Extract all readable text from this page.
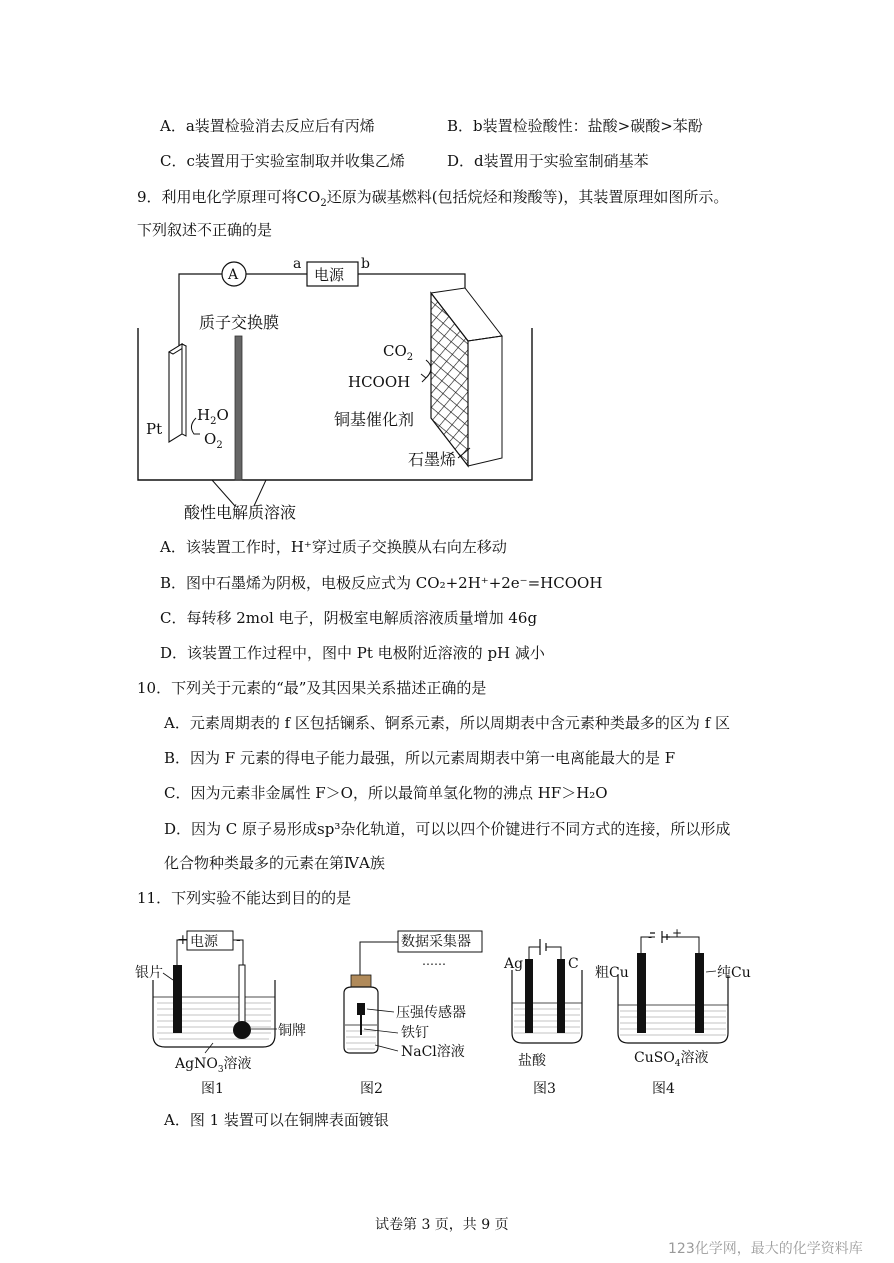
A．a装置检验消去反应后有丙烯	B．b装置检验酸性：盐酸>碳酸>苯酚
C．c装置用于实验室制取并收集乙烯	D．d装置用于实验室制硝基苯
9．利用电化学原理可将$CO_2$还原为碳基燃料(包括烷烃和羧酸等)，其装置原理如图所示。
下列叙述不正确的是
A	电源
a	b
Pt
$H_2O$
$O_2$
质子交换膜
$CO_2$
HCOOH
铜基催化剂
石墨烯
酸性电解质溶液
A．该装置工作时，H⁺穿过质子交换膜从右向左移动
B．图中石墨烯为阴极，电极反应式为 CO₂+2H⁺+2e⁻=HCOOH
C．每转移 2mol 电子，阴极室电解质溶液质量增加 46g
D．该装置工作过程中，图中 Pt 电极附近溶液的 pH 减小
10．下列关于元素的“最”及其因果关系描述正确的是
A．元素周期表的 f 区包括镧系、锕系元素，所以周期表中含元素种类最多的区为 f 区
B．因为 F 元素的得电子能力最强，所以元素周期表中第一电离能最大的是 F
C．因为元素非金属性 F＞O，所以最简单氢化物的沸点 HF＞H₂O
D．因为 C 原子易形成sp³杂化轨道，可以以四个价键进行不同方式的连接，所以形成
化合物种类最多的元素在第ⅣA族
11．下列实验不能达到目的的是
电源
+	-
银片
铜牌
AgNO$_3$溶液
图1
数据采集器
……
压强传感器
铁钉
NaCl溶液
图2
Ag	C
盐酸
图3
- +
粗Cu	纯Cu
CuSO$_4$溶液
图4
A．图 1 装置可以在铜牌表面镀银
试卷第 3 页，共 9 页
123化学网，最大的化学资料库
